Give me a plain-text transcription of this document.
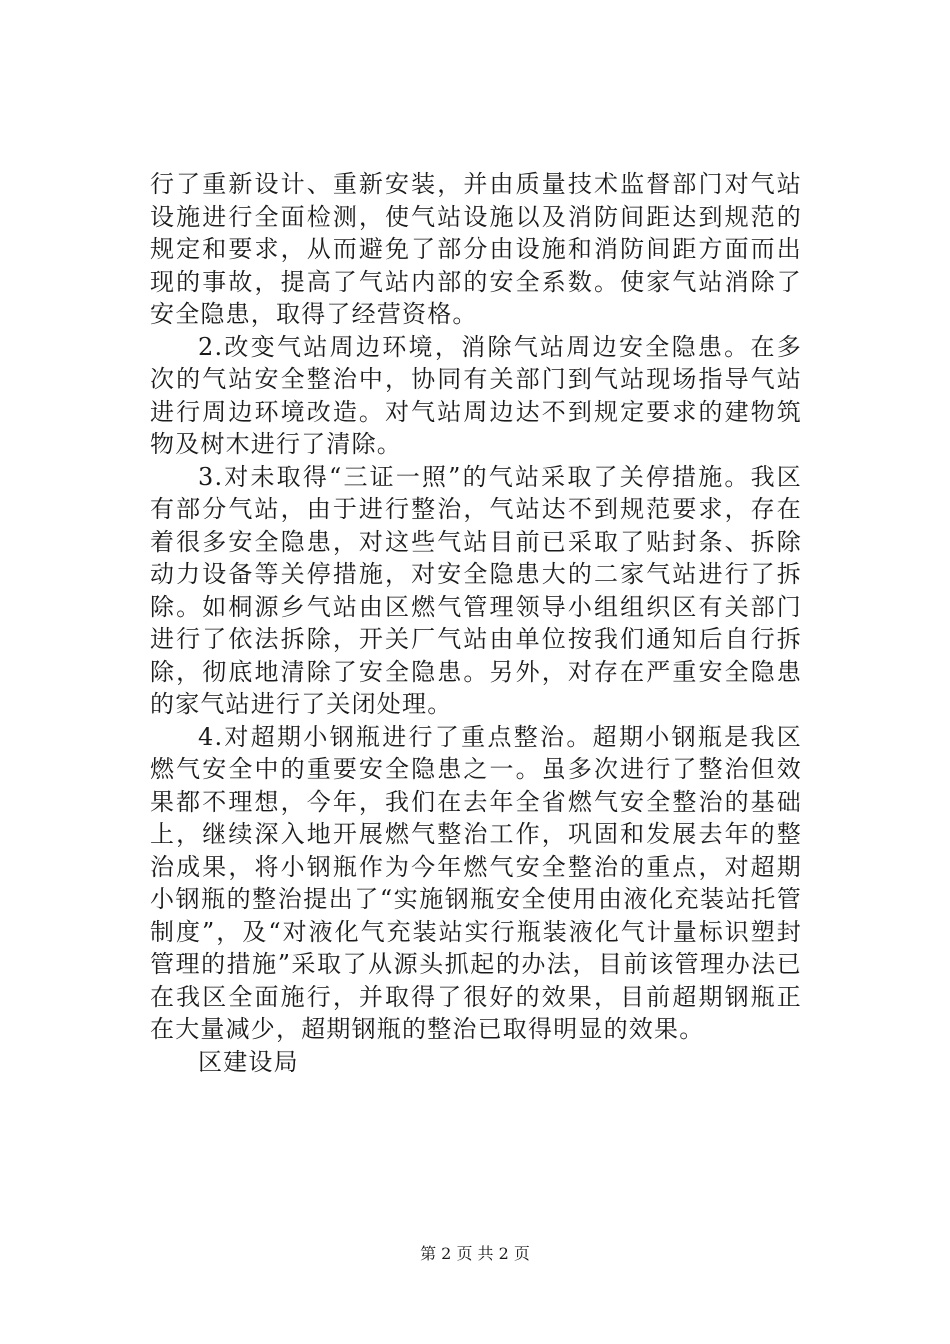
行了重新设计、重新安装，并由质量技术监督部门对气站设施进行全面检测，使气站设施以及消防间距达到规范的规定和要求，从而避免了部分由设施和消防间距方面而出现的事故，提高了气站内部的安全系数。使家气站消除了安全隐患，取得了经营资格。

2.改变气站周边环境，消除气站周边安全隐患。在多次的气站安全整治中，协同有关部门到气站现场指导气站进行周边环境改造。对气站周边达不到规定要求的建物筑物及树木进行了清除。

3.对未取得“三证一照”的气站采取了关停措施。我区有部分气站，由于进行整治，气站达不到规范要求，存在着很多安全隐患，对这些气站目前已采取了贴封条、拆除动力设备等关停措施，对安全隐患大的二家气站进行了拆除。如桐源乡气站由区燃气管理领导小组组织区有关部门进行了依法拆除，开关厂气站由单位按我们通知后自行拆除，彻底地清除了安全隐患。另外，对存在严重安全隐患的家气站进行了关闭处理。

4.对超期小钢瓶进行了重点整治。超期小钢瓶是我区燃气安全中的重要安全隐患之一。虽多次进行了整治但效果都不理想，今年，我们在去年全省燃气安全整治的基础上，继续深入地开展燃气整治工作，巩固和发展去年的整治成果，将小钢瓶作为今年燃气安全整治的重点，对超期小钢瓶的整治提出了“实施钢瓶安全使用由液化充装站托管制度”，及“对液化气充装站实行瓶装液化气计量标识塑封管理的措施”采取了从源头抓起的办法，目前该管理办法已在我区全面施行，并取得了很好的效果，目前超期钢瓶正在大量减少，超期钢瓶的整治已取得明显的效果。

区建设局

第 2 页 共 2 页
